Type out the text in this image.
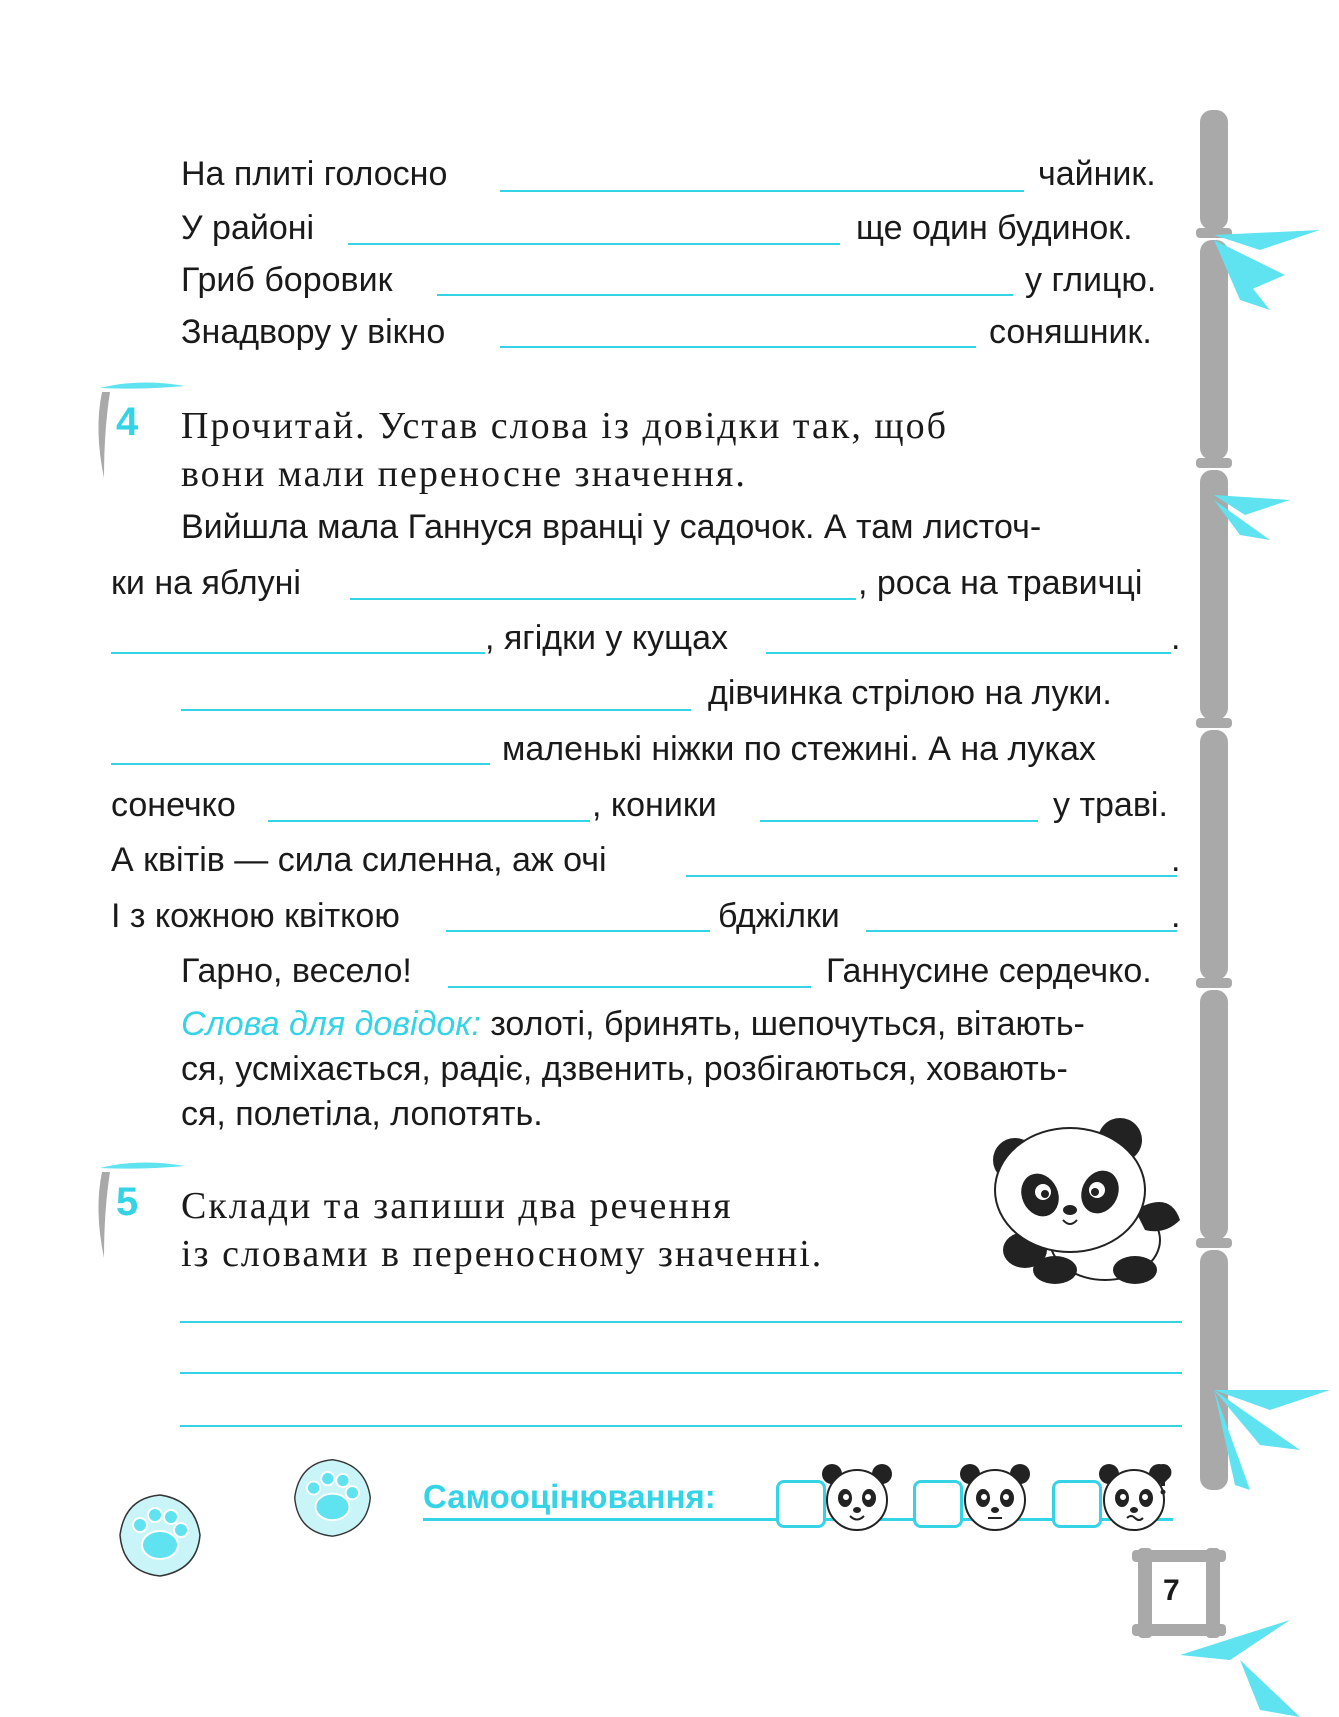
7
На плиті голосно	чайник.
У районі	ще один будинок.
Гриб боровик	у глицю.
Знадвору у вікно	соняшник.
4 Прочитай. Устав слова із довідки так, щоб
вони мали переносне значення.
Вийшла мала Ганнуся вранці у садочок. А там листоч-
ки на яблуні	, роса на травичці
, ягідки у кущах	.
дівчинка стрілою на луки.
маленькі ніжки по стежині. А на луках
сонечко	, коники	у траві.
А квітів — сила силенна, аж очі	.
І з кожною квіткою	бджілки	.
Гарно, весело!	Ганнусине сердечко.
Слова для довідок: золоті, бринять, шепочуться, вітають-
ся, усміхається, радіє, дзвенить, розбігаються, ховають-
ся, полетіла, лопотять.
5 Склади та запиши два речення
із словами в переносному значенні.
Самооцінювання:
